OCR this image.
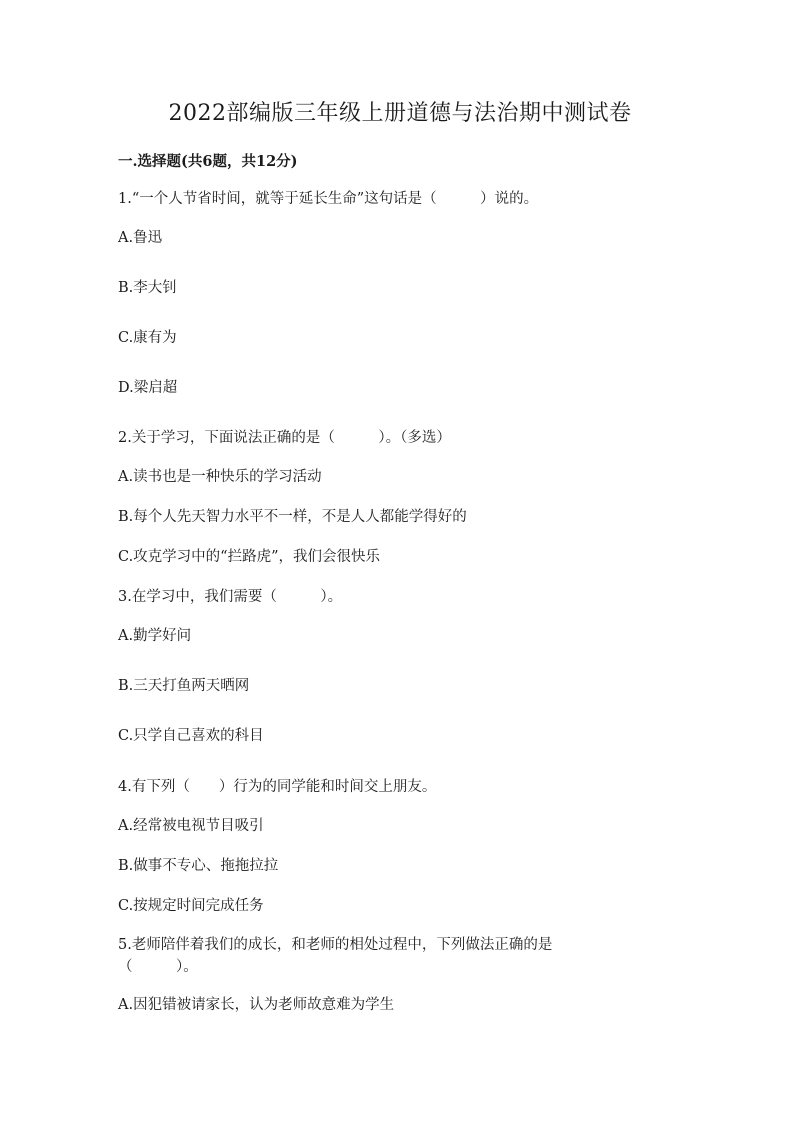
2022部编版三年级上册道德与法治期中测试卷
一.选择题(共6题，共12分)
1.“一个人节省时间，就等于延长生命”这句话是（　　　）说的。
A.鲁迅
B.李大钊
C.康有为
D.梁启超
2.关于学习，下面说法正确的是（　　　）。（多选）
A.读书也是一种快乐的学习活动
B.每个人先天智力水平不一样，不是人人都能学得好的
C.攻克学习中的“拦路虎”，我们会很快乐
3.在学习中，我们需要（　　　）。
A.勤学好问
B.三天打鱼两天晒网
C.只学自己喜欢的科目
4.有下列（　　）行为的同学能和时间交上朋友。
A.经常被电视节目吸引
B.做事不专心、拖拖拉拉
C.按规定时间完成任务
5.老师陪伴着我们的成长，和老师的相处过程中，下列做法正确的是（　　　）。
A.因犯错被请家长，认为老师故意难为学生
